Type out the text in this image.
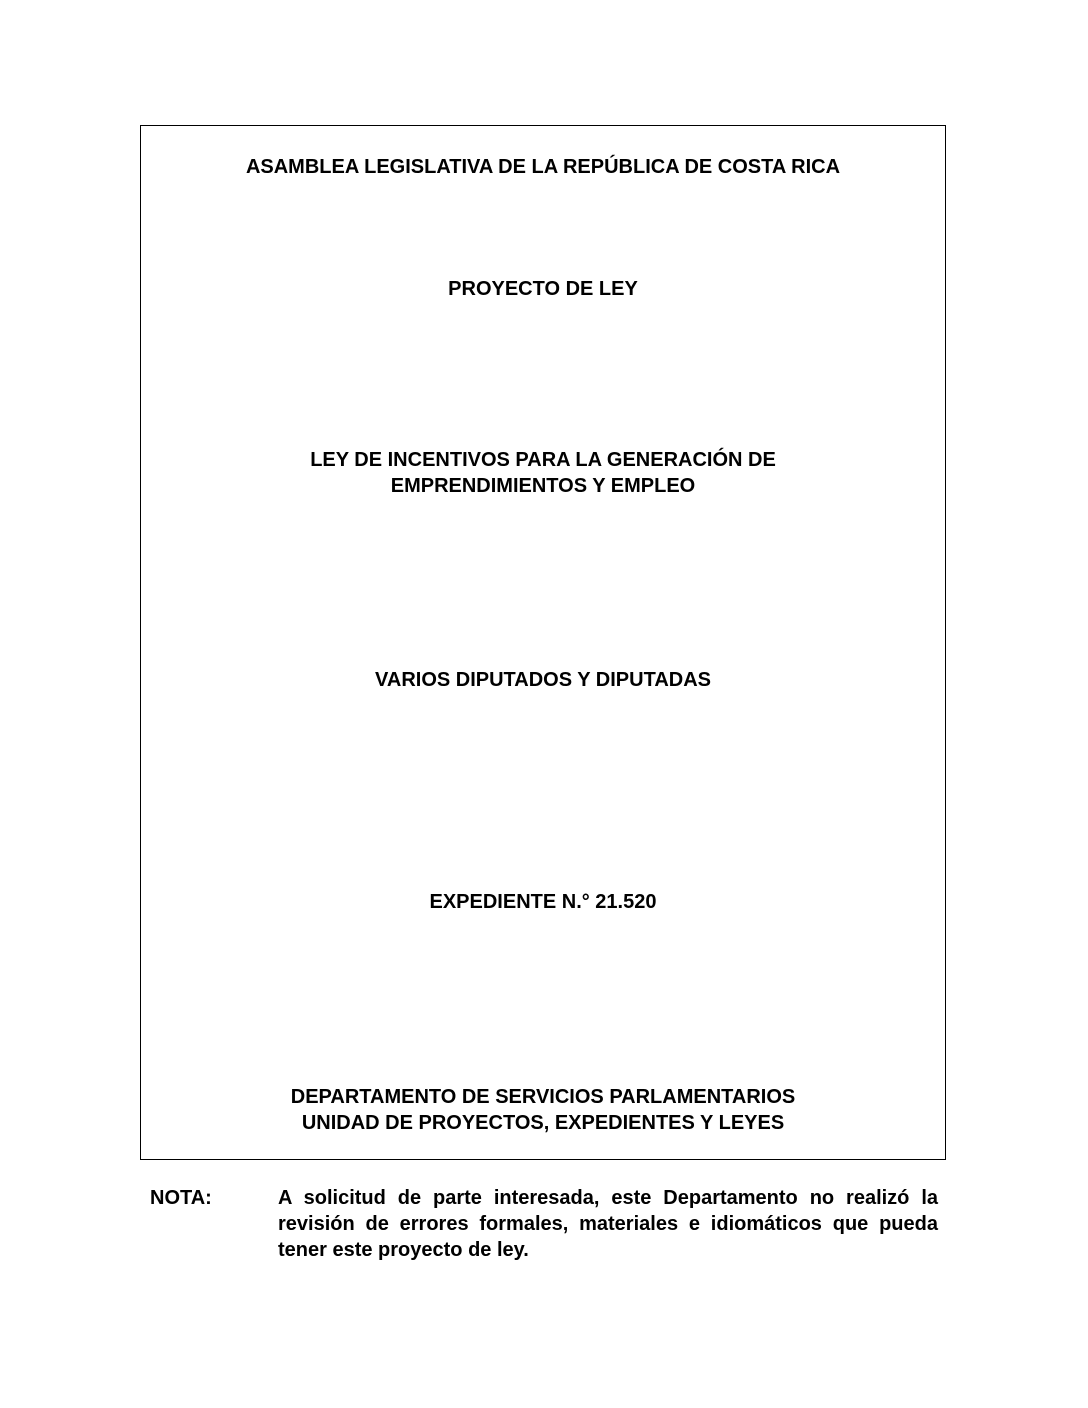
ASAMBLEA LEGISLATIVA DE LA REPÚBLICA DE COSTA RICA
PROYECTO DE LEY
LEY DE INCENTIVOS PARA LA GENERACIÓN DE
EMPRENDIMIENTOS Y EMPLEO
VARIOS DIPUTADOS Y DIPUTADAS
EXPEDIENTE N.° 21.520
DEPARTAMENTO DE SERVICIOS PARLAMENTARIOS
UNIDAD DE PROYECTOS, EXPEDIENTES Y LEYES
NOTA:	A solicitud de parte interesada, este Departamento no realizó la revisión de errores formales, materiales e idiomáticos que pueda tener este proyecto de ley.
